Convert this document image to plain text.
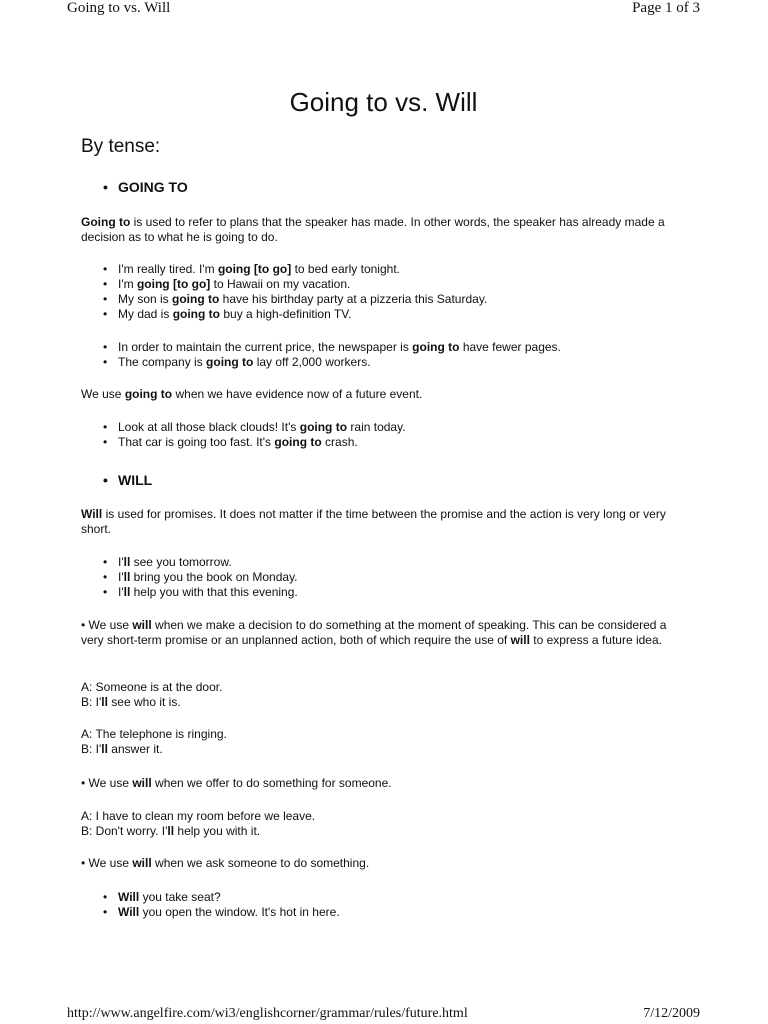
Going to vs. Will	Page 1 of 3
Going to vs. Will
By tense:
• GOING TO

Going to is used to refer to plans that the speaker has made. In other words, the speaker has already made a decision as to what he is going to do.

• I'm really tired. I'm going [to go] to bed early tonight.
• I'm going [to go] to Hawaii on my vacation.
• My son is going to have his birthday party at a pizzeria this Saturday.
• My dad is going to buy a high-definition TV.
• In order to maintain the current price, the newspaper is going to have fewer pages.
• The company is going to lay off 2,000 workers.

We use going to when we have evidence now of a future event.

• Look at all those black clouds! It's going to rain today.
• That car is going too fast. It's going to crash.
• WILL

Will is used for promises. It does not matter if the time between the promise and the action is very long or very short.

• I'll see you tomorrow.
• I'll bring you the book on Monday.
• I'll help you with that this evening.

• We use will when we make a decision to do something at the moment of speaking. This can be considered a very short-term promise or an unplanned action, both of which require the use of will to express a future idea.

A: Someone is at the door.
B: I'll see who it is.
A: The telephone is ringing.
B: I'll answer it.

• We use will when we offer to do something for someone.

A: I have to clean my room before we leave.
B: Don't worry. I'll help you with it.

• We use will when we ask someone to do something.

• Will you take seat?
• Will you open the window. It's hot in here.
http://www.angelfire.com/wi3/englishcorner/grammar/rules/future.html	7/12/2009
